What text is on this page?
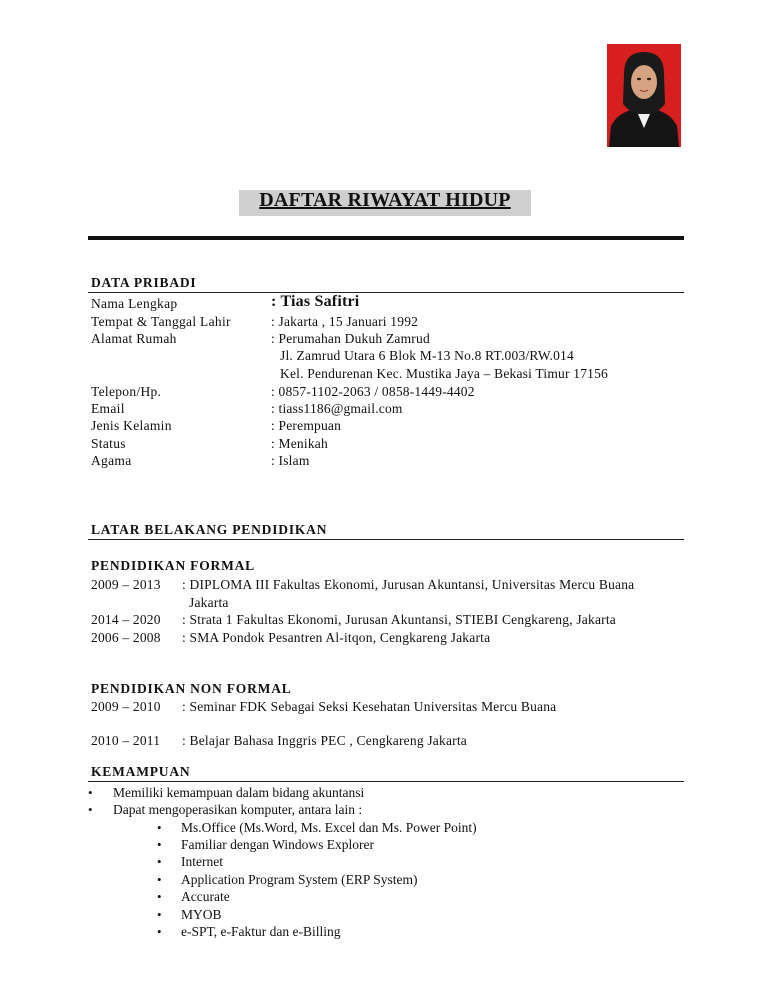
DAFTAR RIWAYAT HIDUP
DATA PRIBADI
Nama Lengkap	: Tias Safitri
Tempat & Tanggal Lahir	: Jakarta , 15 Januari 1992
Alamat Rumah	: Perumahan Dukuh Zamrud
Jl. Zamrud Utara 6 Blok M-13 No.8 RT.003/RW.014
Kel. Pendurenan Kec. Mustika Jaya – Bekasi Timur 17156
Telepon/Hp.	: 0857-1102-2063 / 0858-1449-4402
Email	: tiass1186@gmail.com
Jenis Kelamin	: Perempuan
Status	: Menikah
Agama	: Islam
LATAR BELAKANG PENDIDIKAN
PENDIDIKAN FORMAL
2009 – 2013 : DIPLOMA III Fakultas Ekonomi, Jurusan Akuntansi, Universitas Mercu Buana
Jakarta
2014 – 2020 : Strata 1 Fakultas Ekonomi, Jurusan Akuntansi, STIEBI Cengkareng, Jakarta
2006 – 2008 : SMA Pondok Pesantren Al-itqon, Cengkareng Jakarta
PENDIDIKAN NON FORMAL
2009 – 2010 : Seminar FDK Sebagai Seksi Kesehatan Universitas Mercu Buana
2010 – 2011 : Belajar Bahasa Inggris PEC , Cengkareng Jakarta
KEMAMPUAN
• Memiliki kemampuan dalam bidang akuntansi
• Dapat mengoperasikan komputer, antara lain :
• Ms.Office (Ms.Word, Ms. Excel dan Ms. Power Point)
• Familiar dengan Windows Explorer
• Internet
• Application Program System (ERP System)
• Accurate
• MYOB
• e-SPT, e-Faktur dan e-Billing
